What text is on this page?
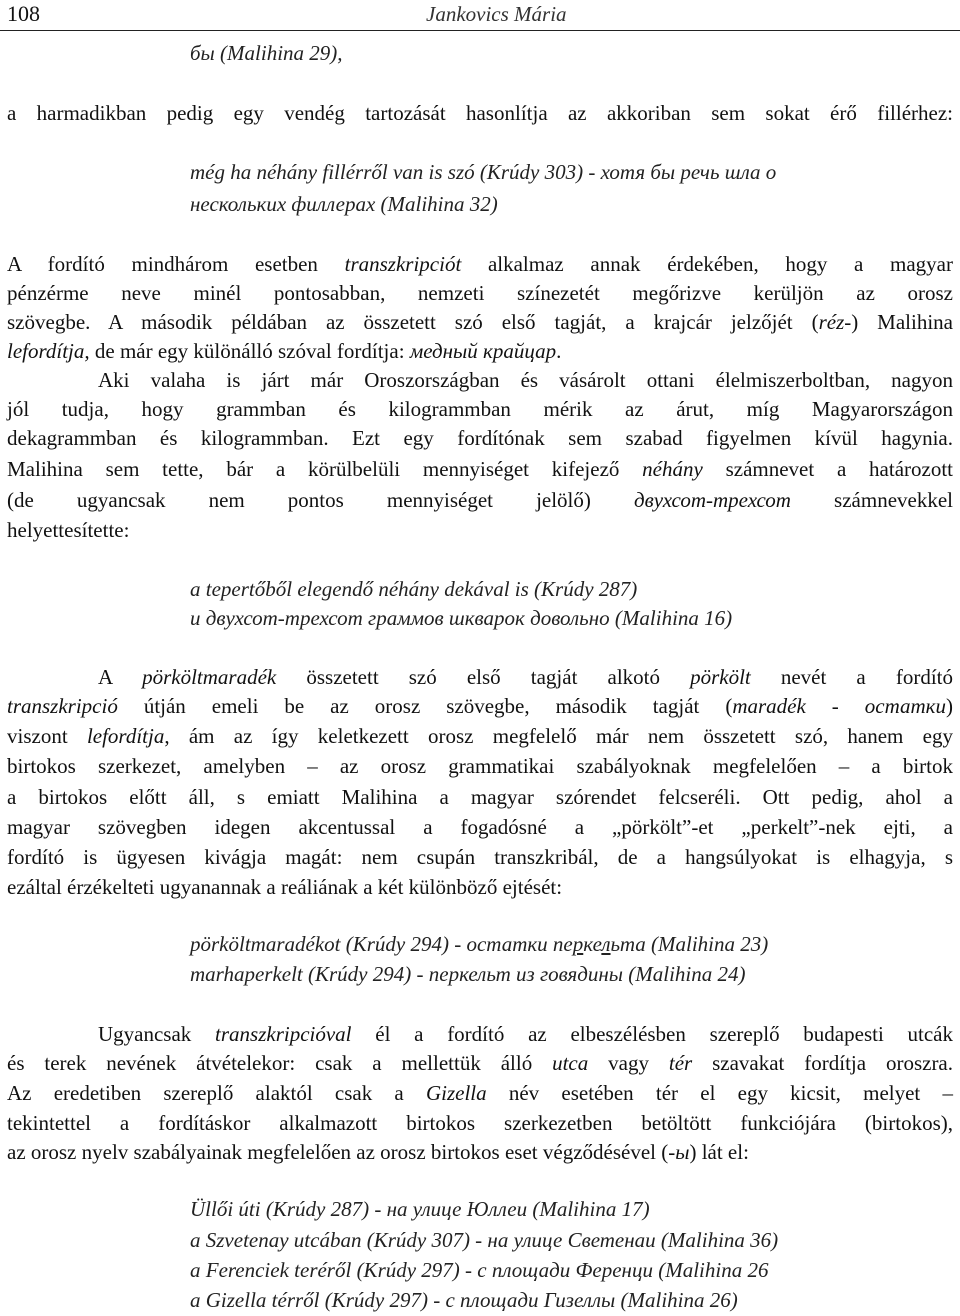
108	Jankovics Mária

бы (Malihina 29),

a harmadikban pedig egy vendég tartozását hasonlítja az akkoriban sem sokat érő fillérhez:

még ha néhány fillérről van is szó (Krúdy 303) - хотя бы речь шла о

нескольких филлерах (Malihina 32)

A fordító mindhárom esetben transzkripciót alkalmaz annak érdekében, hogy a magyar

pénzérme neve minél pontosabban, nemzeti színezetét megőrizve kerüljön az orosz

szövegbe. A második példában az összetett szó első tagját, a krajcár jelzőjét (réz-) Malihina

lefordítja, de már egy különálló szóval fordítja: медный крайцар.

Aki valaha is járt már Oroszországban és vásárolt ottani élelmiszerboltban, nagyon

jól tudja, hogy grammban és kilogrammban mérik az árut, míg Magyarországon

dekagrammban és kilogrammban. Ezt egy fordítónak sem szabad figyelmen kívül hagynia.

Malihina sem tette, bár a körülbelüli mennyiséget kifejező néhány számnevet a határozott

(de ugyancsak nem pontos mennyiséget jelölő) двухсот-трехсот számnevekkel

helyettesítette:

a tepertőből elegendő néhány dekával is (Krúdy 287)

и двухсот-трехсот граммов шкварок довольно (Malihina 16)

A pörköltmaradék összetett szó első tagját alkotó pörkölt nevét a fordító

transzkripció útján emeli be az orosz szövegbe, második tagját (maradék - остатки)

viszont lefordítja, ám az így keletkezett orosz megfelelő már nem összetett szó, hanem egy

birtokos szerkezet, amelyben – az orosz grammatikai szabályoknak megfelelően – a birtok

a birtokos előtt áll, s emiatt Malihina a magyar szórendet felcseréli. Ott pedig, ahol a

magyar szövegben idegen akcentussal a fogadósné a „pörkölt”-et „perkelt”-nek ejti, a

fordító is ügyesen kivágja magát: nem csupán transzkribál, de a hangsúlyokat is elhagyja, s

ezáltal érzékelteti ugyanannak a reáliának a két különböző ejtését:

pörköltmaradékot (Krúdy 294) - остатки перкельта (Malihina 23)

marhaperkelt (Krúdy 294) - перкельт из говядины (Malihina 24)

Ugyancsak transzkripcióval él a fordító az elbeszélésben szereplő budapesti utcák

és terek nevének átvételekor: csak a mellettük álló utca vagy tér szavakat fordítja oroszra.

Az eredetiben szereplő alaktól csak a Gizella név esetében tér el egy kicsit, melyet –

tekintettel a fordításkor alkalmazott birtokos szerkezetben betöltött funkciójára (birtokos),

az orosz nyelv szabályainak megfelelően az orosz birtokos eset végződésével (-ы) lát el:

Üllői úti (Krúdy 287) - на улице Юллеи (Malihina 17)

a Szvetenay utcában (Krúdy 307) - на улице Светенаи (Malihina 36)

a Ferenciek teréről (Krúdy 297) - с площади Ференци (Malihina 26

a Gizella térről (Krúdy 297) - с площади Гизеллы (Malihina 26)
